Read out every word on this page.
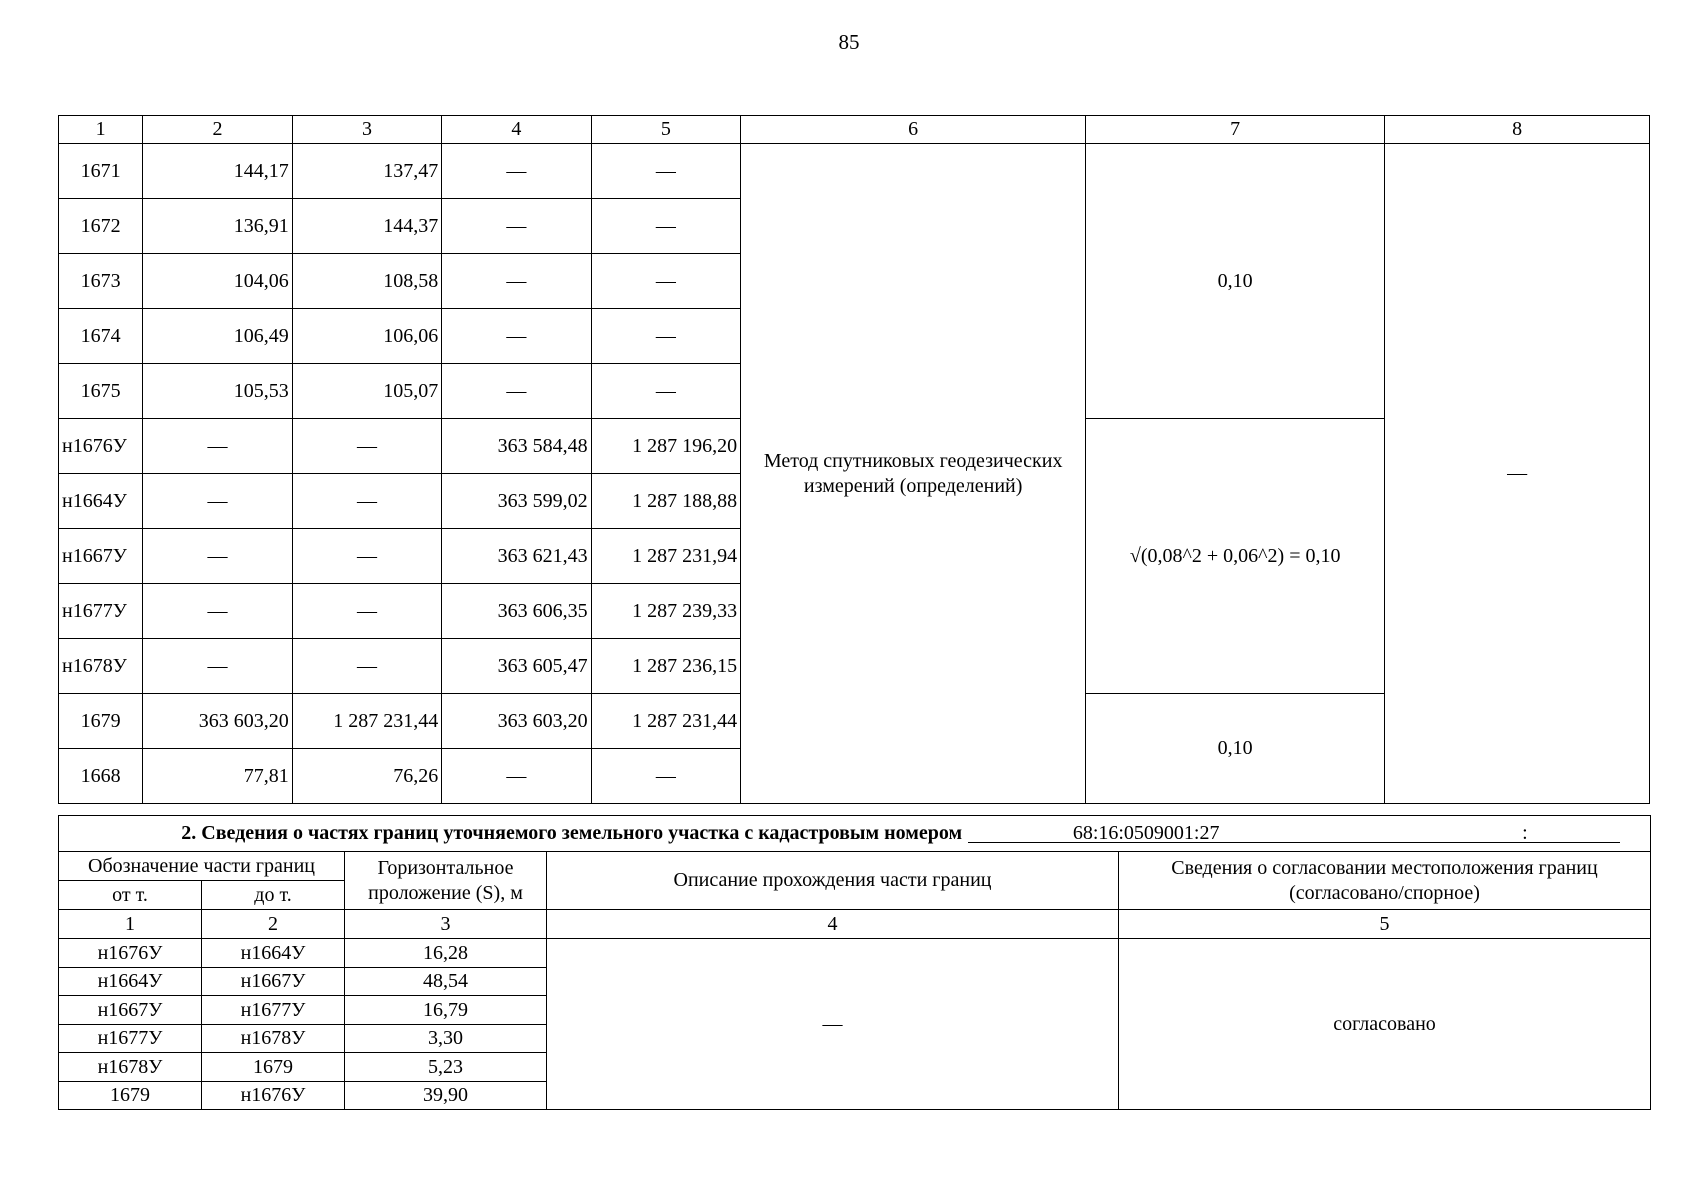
85
1	2	3	4	5	6	7	8
1671	144,17	137,47	—	—	Метод спутниковых геодезических измерений (определений)	0,10	—
1672	136,91	144,37	—	—			
1673	104,06	108,58	—	—			
1674	106,49	106,06	—	—			
1675	105,53	105,07	—	—			
н1676У	—	—	363 584,48	1 287 196,20		√(0,08^2 + 0,06^2) = 0,10	
н1664У	—	—	363 599,02	1 287 188,88			
н1667У	—	—	363 621,43	1 287 231,94			
н1677У	—	—	363 606,35	1 287 239,33			
н1678У	—	—	363 605,47	1 287 236,15			
1679	363 603,20	1 287 231,44	363 603,20	1 287 231,44		0,10	
1668	77,81	76,26	—	—			
2. Сведения о частях границ уточняемого земельного участка с кадастровым номером 68:16:0509001:27 :				
Обозначение части границ		Горизонтальное проложение (S), м	Описание прохождения части границ	Сведения о согласовании местоположения границ (согласовано/спорное)
от т.	до т.			
1	2	3	4	5
н1676У	н1664У	16,28	—	согласовано
н1664У	н1667У	48,54		
н1667У	н1677У	16,79		
н1677У	н1678У	3,30		
н1678У	1679	5,23		
1679	н1676У	39,90		
